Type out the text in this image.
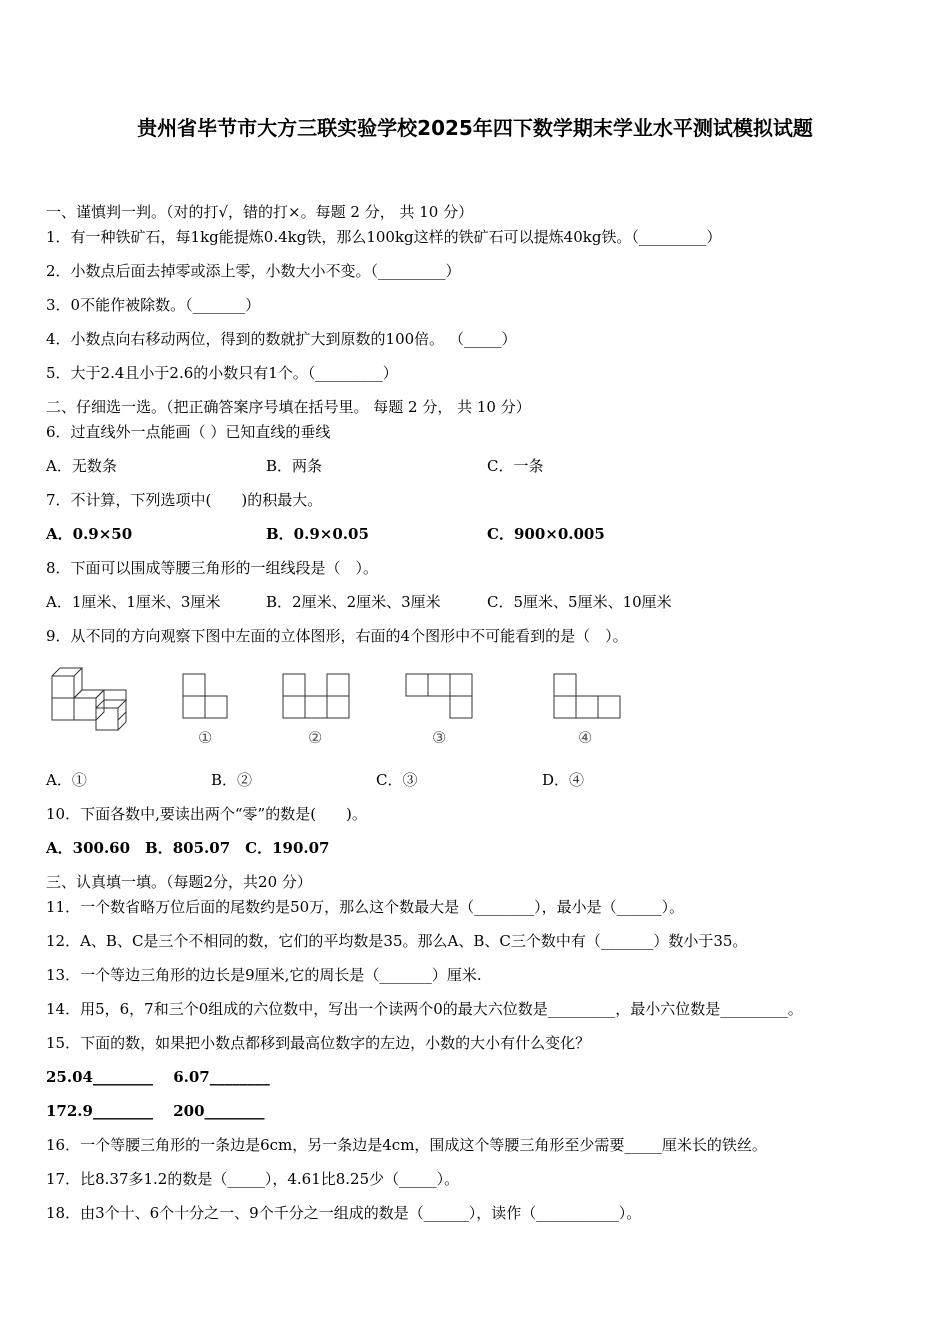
贵州省毕节市大方三联实验学校2025年四下数学期末学业水平测试模拟试题
一、谨慎判一判。（对的打√，错的打×。每题 2 分， 共 10 分）
1．有一种铁矿石，每1kg能提炼0.4kg铁，那么100kg这样的铁矿石可以提炼40kg铁。（_________）
2．小数点后面去掉零或添上零，小数大小不变。（_________）
3．0不能作被除数。（_______）
4．小数点向右移动两位，得到的数就扩大到原数的100倍。 （_____）
5．大于2.4且小于2.6的小数只有1个。（_________）
二、仔细选一选。（把正确答案序号填在括号里。 每题 2 分， 共 10 分）
6．过直线外一点能画（ ）已知直线的垂线
A．无数条	B．两条	C．一条
7．不计算，下列选项中(　　)的积最大。
A．0.9×50	B．0.9×0.05	C．900×0.005
8．下面可以围成等腰三角形的一组线段是（　）。
A．1厘米、1厘米、3厘米	B．2厘米、2厘米、3厘米	C．5厘米、5厘米、10厘米
9．从不同的方向观察下图中左面的立体图形，右面的4个图形中不可能看到的是（　）。
①	②	③	④
A．①	B．②	C．③	D．④
10．下面各数中,要读出两个“零”的数是(　　)。
A．300.60　B．805.07　C．190.07
三、认真填一填。（每题2分，共20 分）
11．一个数省略万位后面的尾数约是50万，那么这个数最大是（________），最小是（______）。
12．A、B、C是三个不相同的数，它们的平均数是35。那么A、B、C三个数中有（_______）数小于35。
13．一个等边三角形的边长是9厘米,它的周长是（_______）厘米.
14．用5，6，7和三个0组成的六位数中，写出一个读两个0的最大六位数是_________，最小六位数是_________。
15．下面的数，如果把小数点都移到最高位数字的左边，小数的大小有什么变化？
25.04________　 6.07________
172.9________　 200________
16．一个等腰三角形的一条边是6cm，另一条边是4cm，围成这个等腰三角形至少需要_____厘米长的铁丝。
17．比8.37多1.2的数是（_____），4.61比8.25少（_____）。
18．由3个十、6个十分之一、9个千分之一组成的数是（______），读作（___________）。
